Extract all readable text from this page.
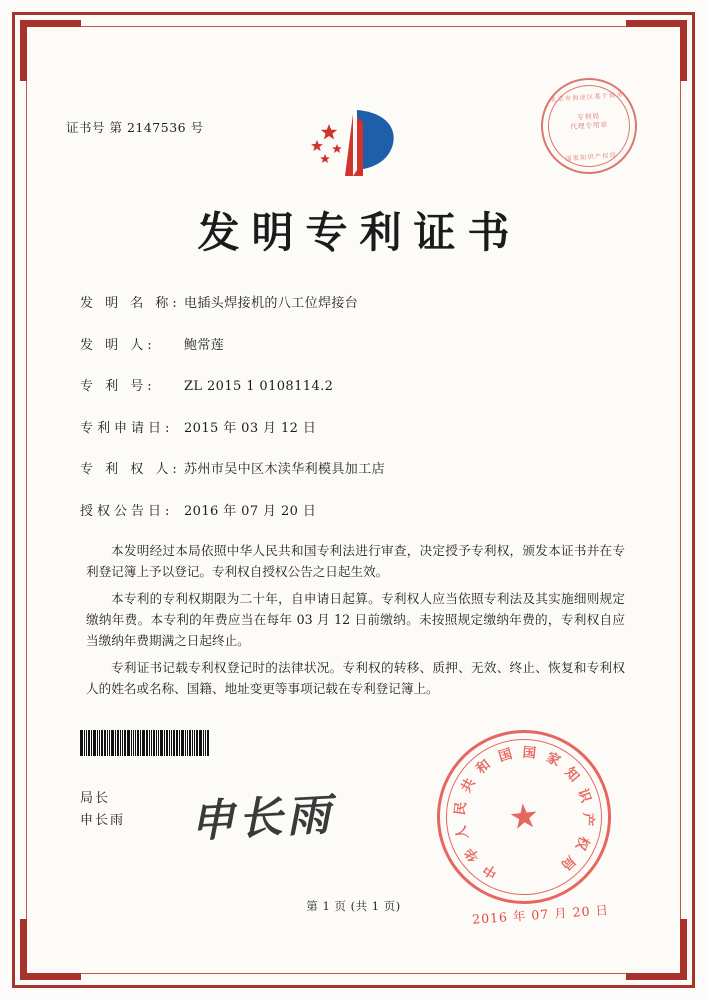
证书号 第 2147536 号
北京市海淀区基于商务
专利局
代理专用章
国家知识产权局
发明专利证书
发 明 名 称: 电插头焊接机的八工位焊接台
发 明 人:	鲍常莲
专 利 号:	ZL 2015 1 0108114.2
专利申请日: 2015 年 03 月 12 日
专 利 权 人: 苏州市吴中区木渎华利模具加工店
授权公告日: 2016 年 07 月 20 日

本发明经过本局依照中华人民共和国专利法进行审查，决定授予专利权，颁发本证书并在专利登记簿上予以登记。专利权自授权公告之日起生效。

本专利的专利权期限为二十年，自申请日起算。专利权人应当依照专利法及其实施细则规定缴纳年费。本专利的年费应当在每年 03 月 12 日前缴纳。未按照规定缴纳年费的，专利权自应当缴纳年费期满之日起终止。

专利证书记载专利权登记时的法律状况。专利权的转移、质押、无效、终止、恢复和专利权人的姓名或名称、国籍、地址变更等事项记载在专利登记簿上。

局长
申长雨 申长雨	★
中
华
人
民
共
和
国 国 家
知
识
产
权
局
2016 年 07 月 20 日
第 1 页 (共 1 页)
